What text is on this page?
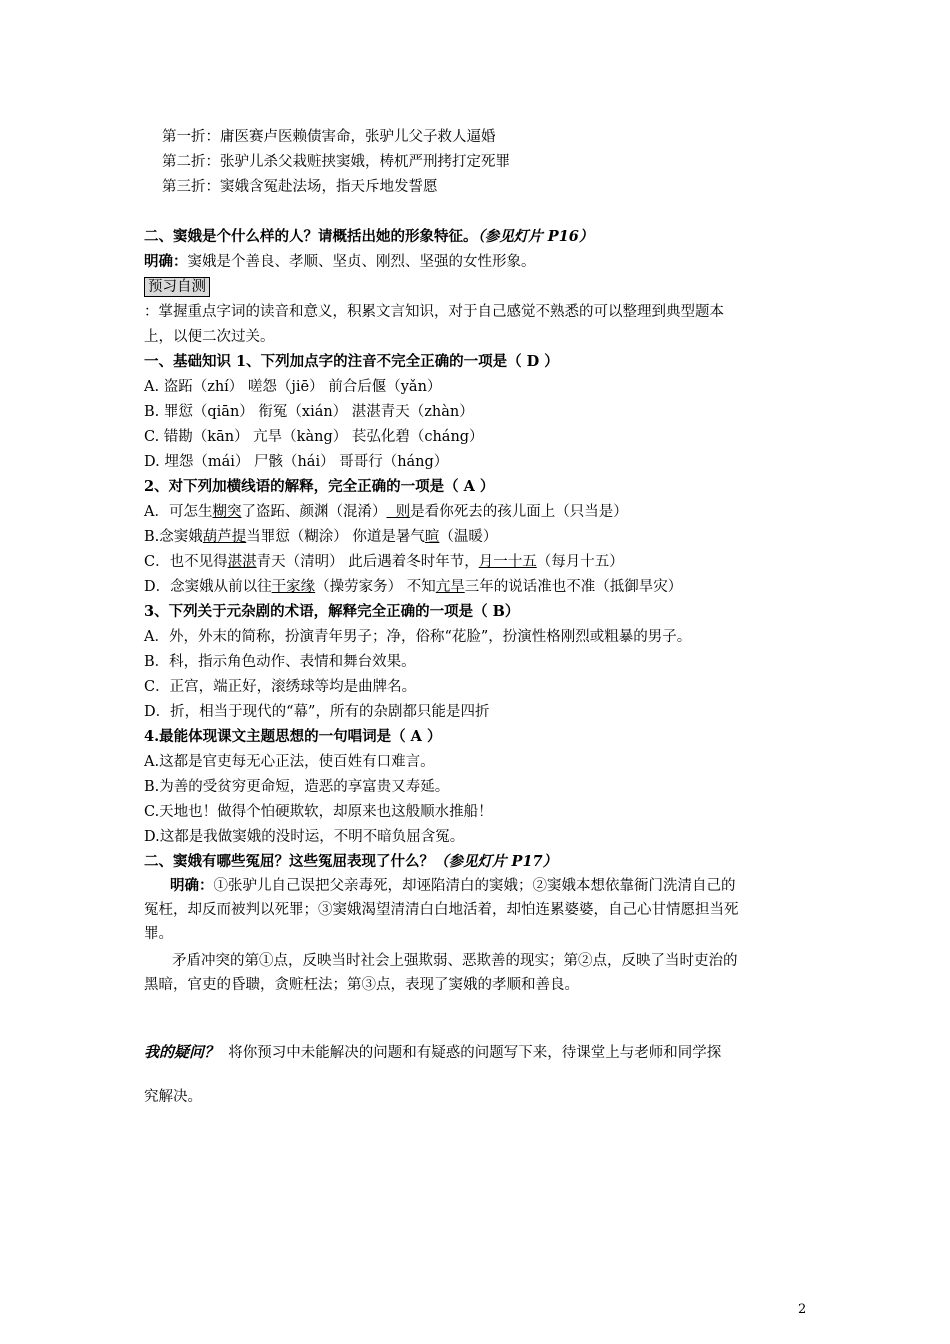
第一折：庸医赛卢医赖债害命，张驴儿父子救人逼婚
第二折：张驴儿杀父栽赃挟窦娥，梼杌严刑拷打定死罪
第三折：窦娥含冤赴法场，指天斥地发誓愿
二、窦娥是个什么样的人？请概括出她的形象特征。（参见灯片 P16）
明确：窦娥是个善良、孝顺、坚贞、刚烈、坚强的女性形象。
预习自测
：掌握重点字词的读音和意义，积累文言知识，对于自己感觉不熟悉的可以整理到典型题本
上，以便二次过关。
一、基础知识 1、下列加点字的注音不完全正确的一项是（ D ）
A. 盗跖（zhí） 嗟怨（jiē） 前合后偃（yǎn）
B. 罪愆（qiān） 衔冤（xián） 湛湛青天（zhàn）
C. 错勘（kān） 亢旱（kàng） 苌弘化碧（cháng）
D. 埋怨（mái） 尸骸（hái） 哥哥行（háng）
2、对下列加横线语的解释，完全正确的一项是（ A ）
A．可怎生糊突了盗跖、颜渊（混淆）  则是看你死去的孩儿面上（只当是）
B.念窦娥葫芦提当罪愆（糊涂） 你道是暑气暄（温暖）
C．也不见得湛湛青天（清明） 此后遇着冬时年节，月一十五（每月十五）
D．念窦娥从前以往干家缘（操劳家务） 不知亢旱三年的说话准也不准（抵御旱灾）
3、下列关于元杂剧的术语，解释完全正确的一项是（ B）
A．外，外末的简称，扮演青年男子；净，俗称“花脸”，扮演性格刚烈或粗暴的男子。
B．科，指示角色动作、表情和舞台效果。
C．正宫，端正好，滚绣球等均是曲牌名。
D．折，相当于现代的“幕”，所有的杂剧都只能是四折
4.最能体现课文主题思想的一句唱词是（ A ）
A.这都是官吏每无心正法，使百姓有口难言。
B.为善的受贫穷更命短，造恶的享富贵又寿延。
C.天地也！做得个怕硬欺软，却原来也这般顺水推船！
D.这都是我做窦娥的没时运，不明不暗负屈含冤。
二、窦娥有哪些冤屈？这些冤屈表现了什么？（参见灯片 P17）
明确：①张驴儿自己误把父亲毒死，却诬陷清白的窦娥；②窦娥本想依靠衙门洗清自己的
冤枉，却反而被判以死罪；③窦娥渴望清清白白地活着，却怕连累婆婆，自己心甘情愿担当死
罪。
矛盾冲突的第①点，反映当时社会上强欺弱、恶欺善的现实；第②点，反映了当时吏治的
黑暗，官吏的昏聩，贪赃枉法；第③点，表现了窦娥的孝顺和善良。
我的疑问？  将你预习中未能解决的问题和有疑惑的问题写下来，待课堂上与老师和同学探
究解决。
2
